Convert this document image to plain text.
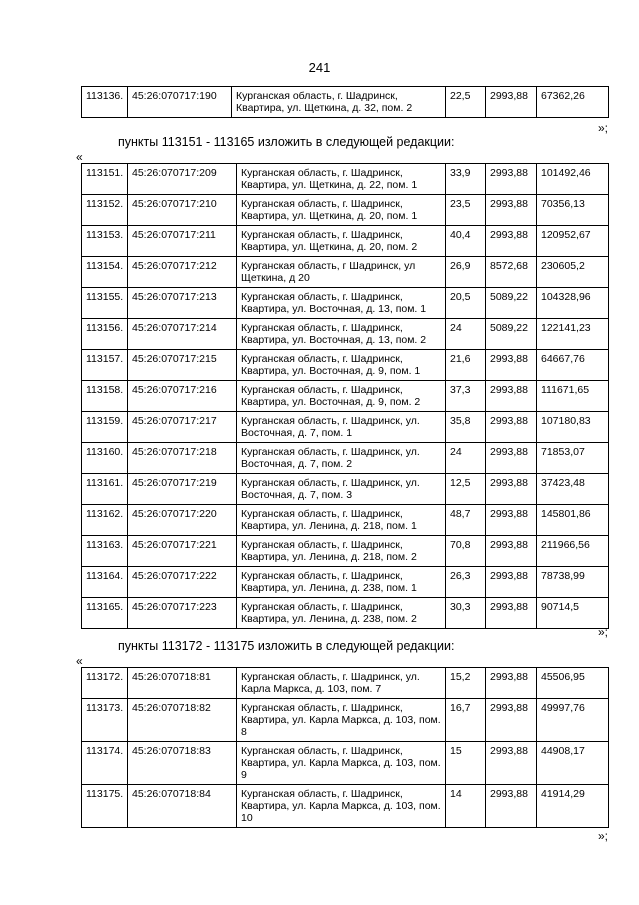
241
113136.	45:26:070717:190	Курганская область, г. Шадринск, Квартира, ул. Щеткина, д. 32, пом. 2	22,5	2993,88	67362,26
»;
пункты 113151 - 113165 изложить в следующей редакции:
«
113151.	45:26:070717:209	Курганская область, г. Шадринск, Квартира, ул. Щеткина, д. 22, пом. 1	33,9	2993,88	101492,46
113152.	45:26:070717:210	Курганская область, г. Шадринск, Квартира, ул. Щеткина, д. 20, пом. 1	23,5	2993,88	70356,13
113153.	45:26:070717:211	Курганская область, г. Шадринск, Квартира, ул. Щеткина, д. 20, пом. 2	40,4	2993,88	120952,67
113154.	45:26:070717:212	Курганская область, г Шадринск, ул Щеткина, д 20	26,9	8572,68	230605,2
113155.	45:26:070717:213	Курганская область, г. Шадринск, Квартира, ул. Восточная, д. 13, пом. 1	20,5	5089,22	104328,96
113156.	45:26:070717:214	Курганская область, г. Шадринск, Квартира, ул. Восточная, д. 13, пом. 2	24	5089,22	122141,23
113157.	45:26:070717:215	Курганская область, г. Шадринск, Квартира, ул. Восточная, д. 9, пом. 1	21,6	2993,88	64667,76
113158.	45:26:070717:216	Курганская область, г. Шадринск, Квартира, ул. Восточная, д. 9, пом. 2	37,3	2993,88	111671,65
113159.	45:26:070717:217	Курганская область, г. Шадринск, ул. Восточная, д. 7, пом. 1	35,8	2993,88	107180,83
113160.	45:26:070717:218	Курганская область, г. Шадринск, ул. Восточная, д. 7, пом. 2	24	2993,88	71853,07
113161.	45:26:070717:219	Курганская область, г. Шадринск, ул. Восточная, д. 7, пом. 3	12,5	2993,88	37423,48
113162.	45:26:070717:220	Курганская область, г. Шадринск, Квартира, ул. Ленина, д. 218, пом. 1	48,7	2993,88	145801,86
113163.	45:26:070717:221	Курганская область, г. Шадринск, Квартира, ул. Ленина, д. 218, пом. 2	70,8	2993,88	211966,56
113164.	45:26:070717:222	Курганская область, г. Шадринск, Квартира, ул. Ленина, д. 238, пом. 1	26,3	2993,88	78738,99
113165.	45:26:070717:223	Курганская область, г. Шадринск, Квартира, ул. Ленина, д. 238, пом. 2	30,3	2993,88	90714,5
»;
пункты 113172 - 113175 изложить в следующей редакции:
«
113172.	45:26:070718:81	Курганская область, г. Шадринск, ул. Карла Маркса, д. 103, пом. 7	15,2	2993,88	45506,95
113173.	45:26:070718:82	Курганская область, г. Шадринск, Квартира, ул. Карла Маркса, д. 103, пом. 8	16,7	2993,88	49997,76
113174.	45:26:070718:83	Курганская область, г. Шадринск, Квартира, ул. Карла Маркса, д. 103, пом. 9	15	2993,88	44908,17
113175.	45:26:070718:84	Курганская область, г. Шадринск, Квартира, ул. Карла Маркса, д. 103, пом. 10	14	2993,88	41914,29
»;
